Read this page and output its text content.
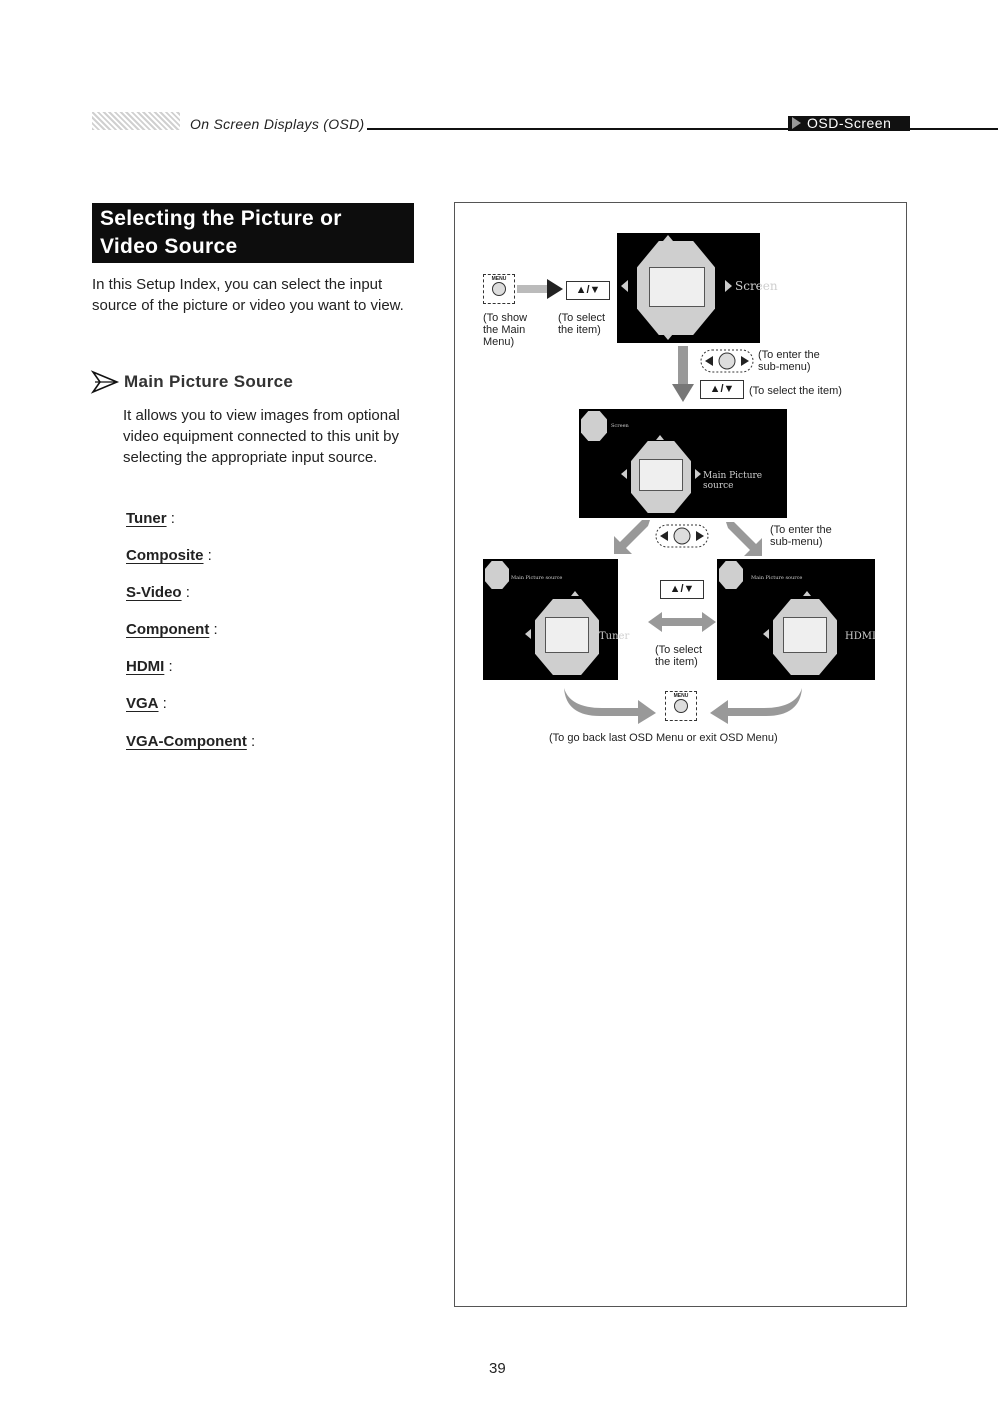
On Screen Displays (OSD)	OSD-Screen
Selecting the Picture or
Video Source
In this Setup Index, you can select the input source of the picture or video you want to view.
Main Picture Source
It allows you to view images from optional video equipment connected to this unit by selecting the appropriate input source.
Tuner :
Composite :
S-Video :
Component :
HDMI :
VGA :
VGA-Component :
MENU
▲/▼
(To show
the Main
Menu)
(To select
the item)
Screen
(To enter the
sub-menu)
▲/▼	(To select the item)
Screen
Main Picture source
(To enter the
sub-menu)
Main Picture source
Tuner
▲/▼
(To select
the item)
Main Picture source
HDMI
MENU
(To go back last OSD Menu or exit OSD Menu)
39
